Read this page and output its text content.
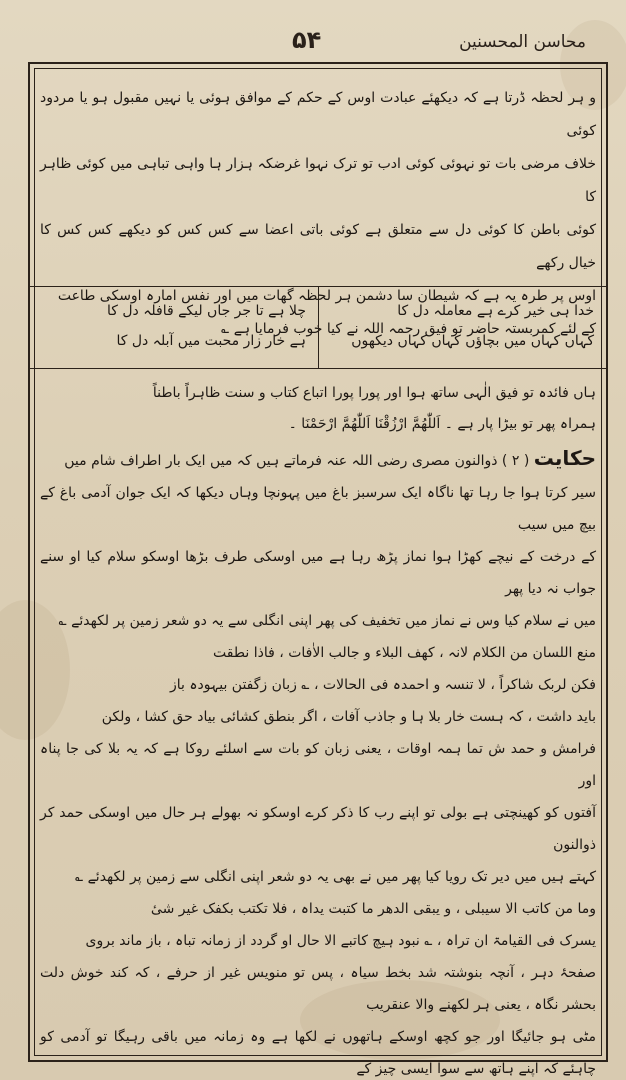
۵۴	محاسن المحسنین

و ہر لحظہ ڈرتا ہے کہ دیکھئے عبادت اوس کے حکم کے موافق ہوئی یا نہیں مقبول ہو یا مردود کوئی

خلاف مرضی بات تو نہوئی کوئی ادب تو ترک نہوا غرضکہ ہزار ہا واہی تباہی میں کوئی ظاہر کا

کوئی باطن کا کوئی دل سے متعلق ہے کوئی باتی اعضا سے کس کس کو دیکھے کس کس کا خیال رکھے

اوس پر طرہ یہ ہے کہ شیطان سا دشمن ہر لحظہ گھات میں اور نفس امارہ اوسکی طاعت

کے لئے کمربستہ حاضر تو فیق رحمہ اللہ نے کیا خوب فرمایا ہے ؎

خدا ہی خیر کرے ہے معاملہ دل کا

کہاں کہاں میں بچاؤں کہاں کہاں دیکھوں

چلا ہے تا جر جاں لیکے قافلہ دل کا

ہے خار زار محبت میں آبلہ دل کا

ہاں فائدہ تو فیق الٰہی ساتھ ہوا اور پورا پورا اتباع کتاب و سنت ظاہراً باطناً

ہمراہ پھر تو بیڑا پار ہے ۔ اَللّٰھُمَّ ارْزُقْنَا اَللّٰھُمَّ ارْحَمْنَا ۔

حکایت ( ۲ ) ذوالنون مصری رضی اللہ عنہ فرماتے ہیں کہ میں ایک بار اطراف شام میں

سیر کرتا ہوا جا رہا تھا ناگاہ ایک سرسبز باغ میں پہونچا وہاں دیکھا کہ ایک جوان آدمی باغ کے بیچ میں سیب

کے درخت کے نیچے کھڑا ہوا نماز پڑھ رہا ہے میں اوسکی طرف بڑھا اوسکو سلام کیا او سنے جواب نہ دیا پھر

میں نے سلام کیا وس نے نماز میں تخفیف کی پھر اپنی انگلی سے یہ دو شعر زمین پر لکھدئے ؎

منع اللسان من الکلام لانہ ، کھف البلاء و جالب الاٰفات ، فاذا نطقت

فکن لربک شاکراً ، لا تنسہ و احمدہ فی الحالات ، ؎ زبان زگفتن بیہودہ باز

باید داشت ، کہ ہست خار بلا ہا و جاذب آفات ، اگر بنطق کشائی بیاد حق کشا ، ولکن

فرامش و حمد ش تما ہمہ اوقات ، یعنی زبان کو بات سے اسلئے روکا ہے کہ یہ بلا کی جا پناہ اور

آفتوں کو کھینچتی ہے بولی تو اپنے رب کا ذکر کرے اوسکو نہ بھولے ہر حال میں اوسکی حمد کر ذوالنون

کہتے ہیں میں دیر تک رویا کیا پھر میں نے بھی یہ دو شعر اپنی انگلی سے زمین پر لکھدئے ؎

وما من کاتب الا سیبلی ، و یبقی الدھر ما کتبت یداہ ، فلا تکتب بکفک غیر شیٔ

یسرک فی القیامۃ ان تراہ ، ؎ نبود ہیچ کاتبے الا حال او گردد از زمانہ تباہ ، باز ماند بروی

صفحۂ دہر ، آنچہ بنوشتہ شد بخط سیاہ ، پس تو منویس غیر از حرفے ، کہ کند خوش دلت بحشر نگاہ ، یعنی ہر لکھنے والا عنقریب

مٹی ہو جائیگا اور جو کچھ اوسکے ہاتھوں نے لکھا ہے وہ زمانہ میں باقی رہیگا تو آدمی کو چاہئے کہ اپنے ہاتھ سے سوا ایسی چیز کے
